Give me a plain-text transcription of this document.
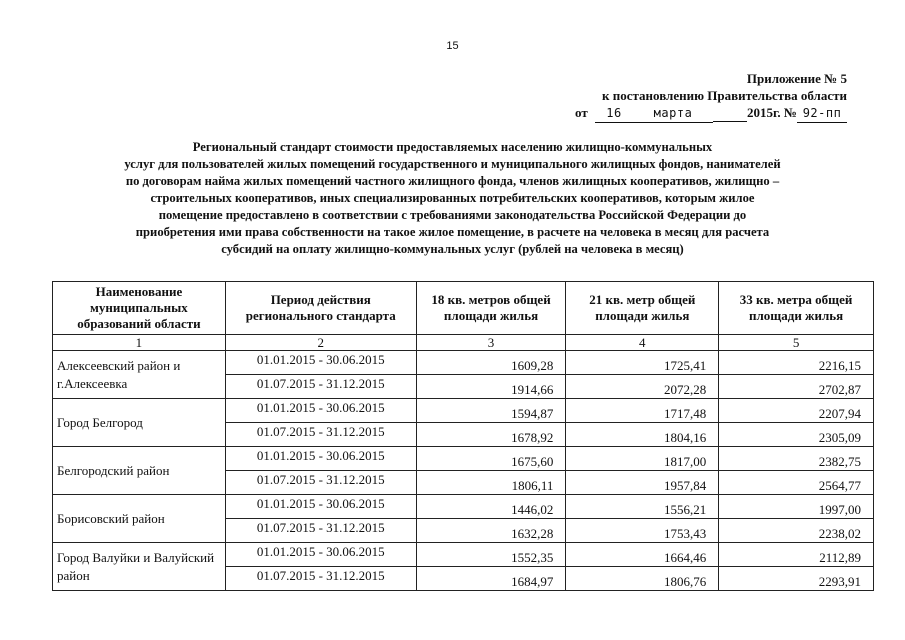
15
Приложение № 5
к постановлению Правительства области
от 16	марта	2015г. № 92-пп
Региональный стандарт стоимости предоставляемых населению жилищно-коммунальных
услуг для пользователей жилых помещений государственного и муниципального жилищных фондов, нанимателей
по договорам найма жилых помещений частного жилищного фонда, членов жилищных кооперативов, жилищно –
строительных кооперативов, иных специализированных потребительских кооперативов, которым жилое
помещение предоставлено в соответствии с требованиями законодательства Российской Федерации до
приобретения ими права собственности на такое жилое помещение, в расчете на человека в месяц для расчета
субсидий на оплату жилищно-коммунальных услуг (рублей на человека в месяц)
Наименование муниципальных образований области	Период действия регионального стандарта	18 кв. метров общей площади жилья	21 кв. метр общей площади жилья	33 кв. метра общей площади жилья
1	2	3	4	5
Алексеевский район и г.Алексеевка	01.01.2015 - 30.06.2015	1609,28	1725,41	2216,15
	01.07.2015 - 31.12.2015	1914,66	2072,28	2702,87
Город Белгород	01.01.2015 - 30.06.2015	1594,87	1717,48	2207,94
	01.07.2015 - 31.12.2015	1678,92	1804,16	2305,09
Белгородский район	01.01.2015 - 30.06.2015	1675,60	1817,00	2382,75
	01.07.2015 - 31.12.2015	1806,11	1957,84	2564,77
Борисовский район	01.01.2015 - 30.06.2015	1446,02	1556,21	1997,00
	01.07.2015 - 31.12.2015	1632,28	1753,43	2238,02
Город Валуйки и Валуйский район	01.01.2015 - 30.06.2015	1552,35	1664,46	2112,89
	01.07.2015 - 31.12.2015	1684,97	1806,76	2293,91
